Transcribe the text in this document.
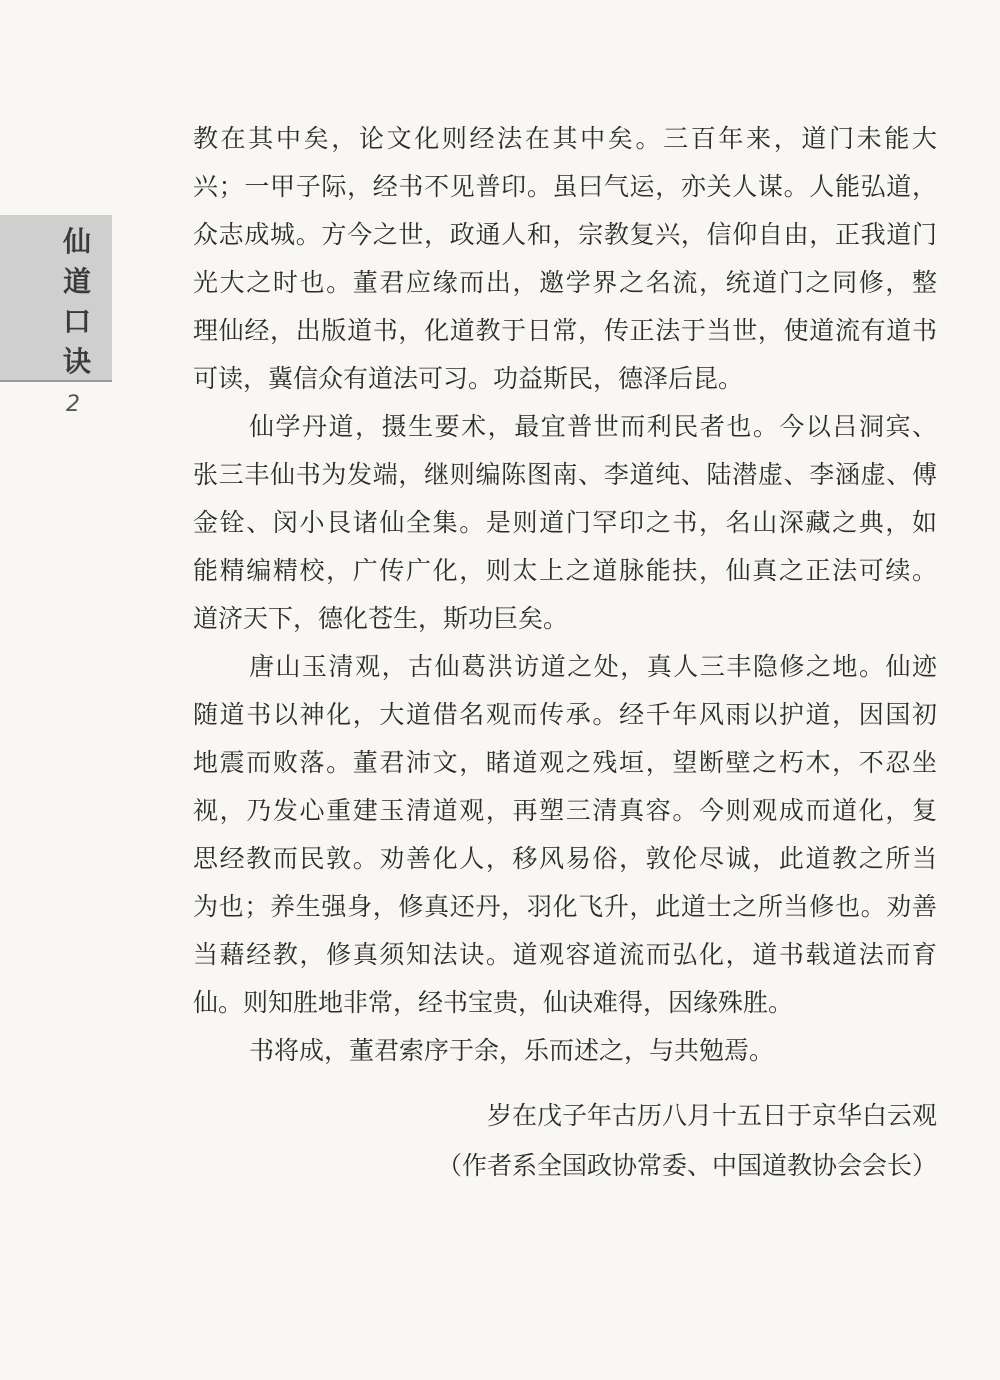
仙道口诀
2
教在其中矣，论文化则经法在其中矣。三百年来，道门未能大
兴；一甲子际，经书不见普印。虽曰气运，亦关人谋。人能弘道，
众志成城。方今之世，政通人和，宗教复兴，信仰自由，正我道门
光大之时也。董君应缘而出，邀学界之名流，统道门之同修，整
理仙经，出版道书，化道教于日常，传正法于当世，使道流有道书
可读，冀信众有道法可习。功益斯民，德泽后昆。
仙学丹道，摄生要术，最宜普世而利民者也。今以吕洞宾、
张三丰仙书为发端，继则编陈图南、李道纯、陆潜虚、李涵虚、傅
金铨、闵小艮诸仙全集。是则道门罕印之书，名山深藏之典，如
能精编精校，广传广化，则太上之道脉能扶，仙真之正法可续。
道济天下，德化苍生，斯功巨矣。
唐山玉清观，古仙葛洪访道之处，真人三丰隐修之地。仙迹
随道书以神化，大道借名观而传承。经千年风雨以护道，因国初
地震而败落。董君沛文，睹道观之残垣，望断壁之朽木，不忍坐
视，乃发心重建玉清道观，再塑三清真容。今则观成而道化，复
思经教而民敦。劝善化人，移风易俗，敦伦尽诚，此道教之所当
为也；养生强身，修真还丹，羽化飞升，此道士之所当修也。劝善
当藉经教，修真须知法诀。道观容道流而弘化，道书载道法而育
仙。则知胜地非常，经书宝贵，仙诀难得，因缘殊胜。
书将成，董君索序于余，乐而述之，与共勉焉。
岁在戊子年古历八月十五日于京华白云观
（作者系全国政协常委、中国道教协会会长）
